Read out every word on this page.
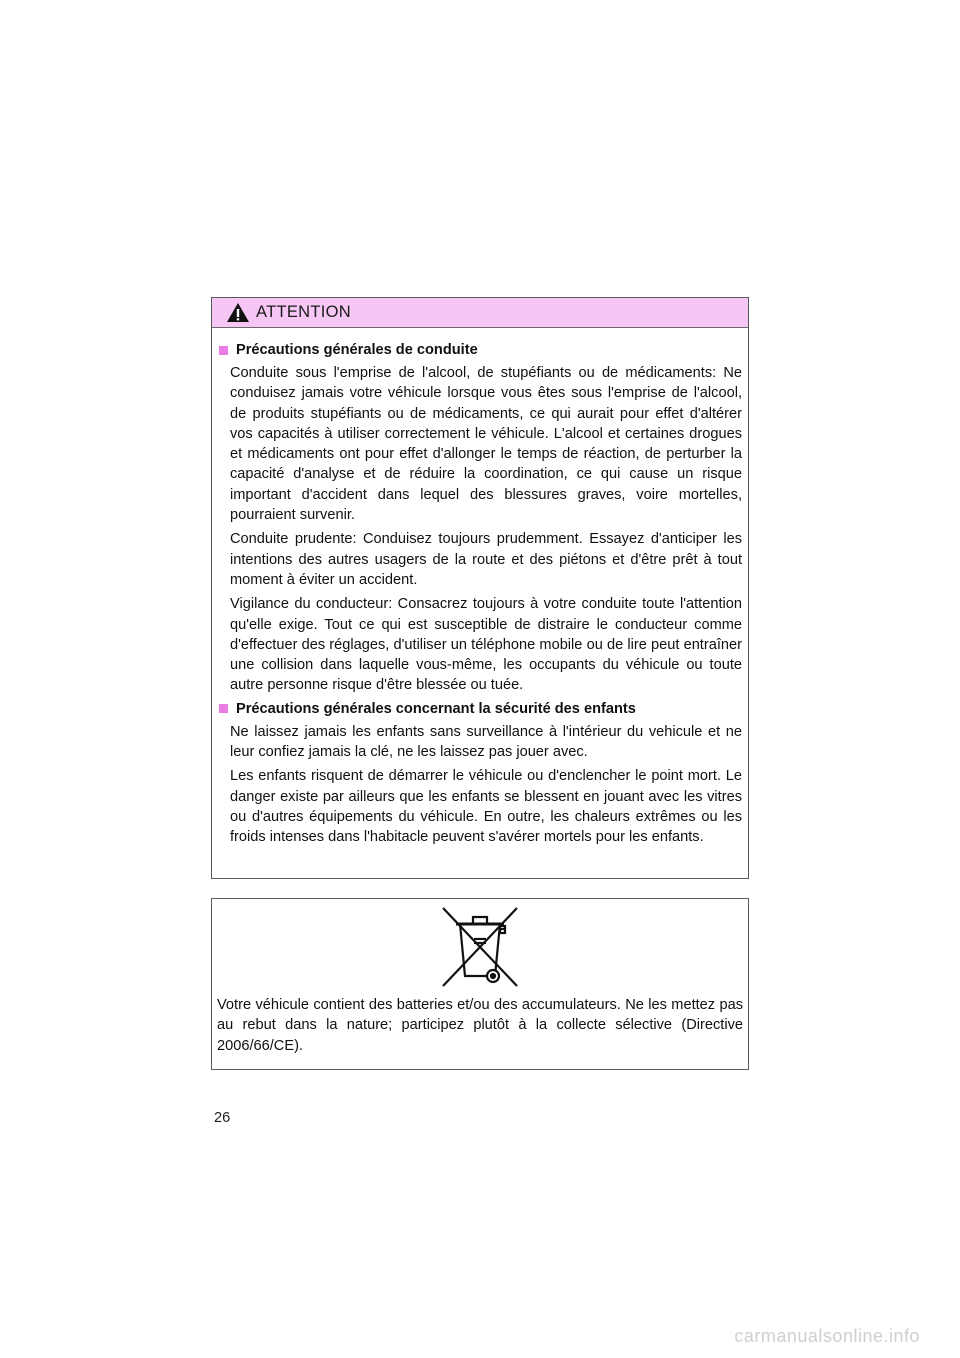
ATTENTION
Précautions générales de conduite

Conduite sous l'emprise de l'alcool, de stupéfiants ou de médicaments: Ne conduisez jamais votre véhicule lorsque vous êtes sous l'emprise de l'alcool, de produits stupéfiants ou de médicaments, ce qui aurait pour effet d'altérer vos capacités à utiliser correctement le véhicule. L'alcool et certaines drogues et médicaments ont pour effet d'allonger le temps de réaction, de perturber la capacité d'analyse et de réduire la coordination, ce qui cause un risque important d'accident dans lequel des blessures graves, voire mortelles, pourraient survenir.

Conduite prudente: Conduisez toujours prudemment. Essayez d'anticiper les intentions des autres usagers de la route et des piétons et d'être prêt à tout moment à éviter un accident.

Vigilance du conducteur: Consacrez toujours à votre conduite toute l'attention qu'elle exige. Tout ce qui est susceptible de distraire le conducteur comme d'effectuer des réglages, d'utiliser un téléphone mobile ou de lire peut entraîner une collision dans laquelle vous-même, les occupants du véhicule ou toute autre personne risque d'être blessée ou tuée.

Précautions générales concernant la sécurité des enfants

Ne laissez jamais les enfants sans surveillance à l'intérieur du vehicule et ne leur confiez jamais la clé, ne les laissez pas jouer avec.

Les enfants risquent de démarrer le véhicule ou d'enclencher le point mort. Le danger existe par ailleurs que les enfants se blessent en jouant avec les vitres ou d'autres équipements du véhicule. En outre, les chaleurs extrêmes ou les froids intenses dans l'habitacle peuvent s'avérer mortels pour les enfants.

Votre véhicule contient des batteries et/ou des accumulateurs. Ne les mettez pas au rebut dans la nature; participez plutôt à la collecte sélective (Directive 2006/66/CE).

26
carmanualsonline.info
